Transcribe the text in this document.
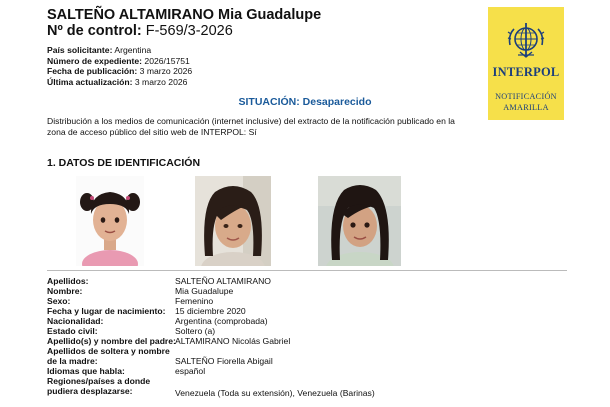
SALTEÑO ALTAMIRANO Mia Guadalupe
Nº de control: F-569/3-2026
País solicitante: Argentina
Número de expediente: 2026/15751
Fecha de publicación: 3 marzo 2026
Última actualización: 3 marzo 2026
INTERPOL
NOTIFICACIÓN
AMARILLA
SITUACIÓN: Desaparecido
Distribución a los medios de comunicación (internet inclusive) del extracto de la notificación publicado en la zona de acceso público del sitio web de INTERPOL: Sí
1. DATOS DE IDENTIFICACIÓN
Apellidos:	SALTEÑO ALTAMIRANO
Nombre:	Mia Guadalupe
Sexo:	Femenino
Fecha y lugar de nacimiento:	15 diciembre 2020
Nacionalidad:	Argentina (comprobada)
Estado civil:	Soltero (a)
Apellido(s) y nombre del padre: ALTAMIRANO Nicolás Gabriel
Apellidos de soltera y nombre de la madre:	SALTEÑO Fiorella Abigail
Idiomas que habla:	español
Regiones/países a donde pudiera desplazarse:	Venezuela (Toda su extensión), Venezuela (Barinas)
